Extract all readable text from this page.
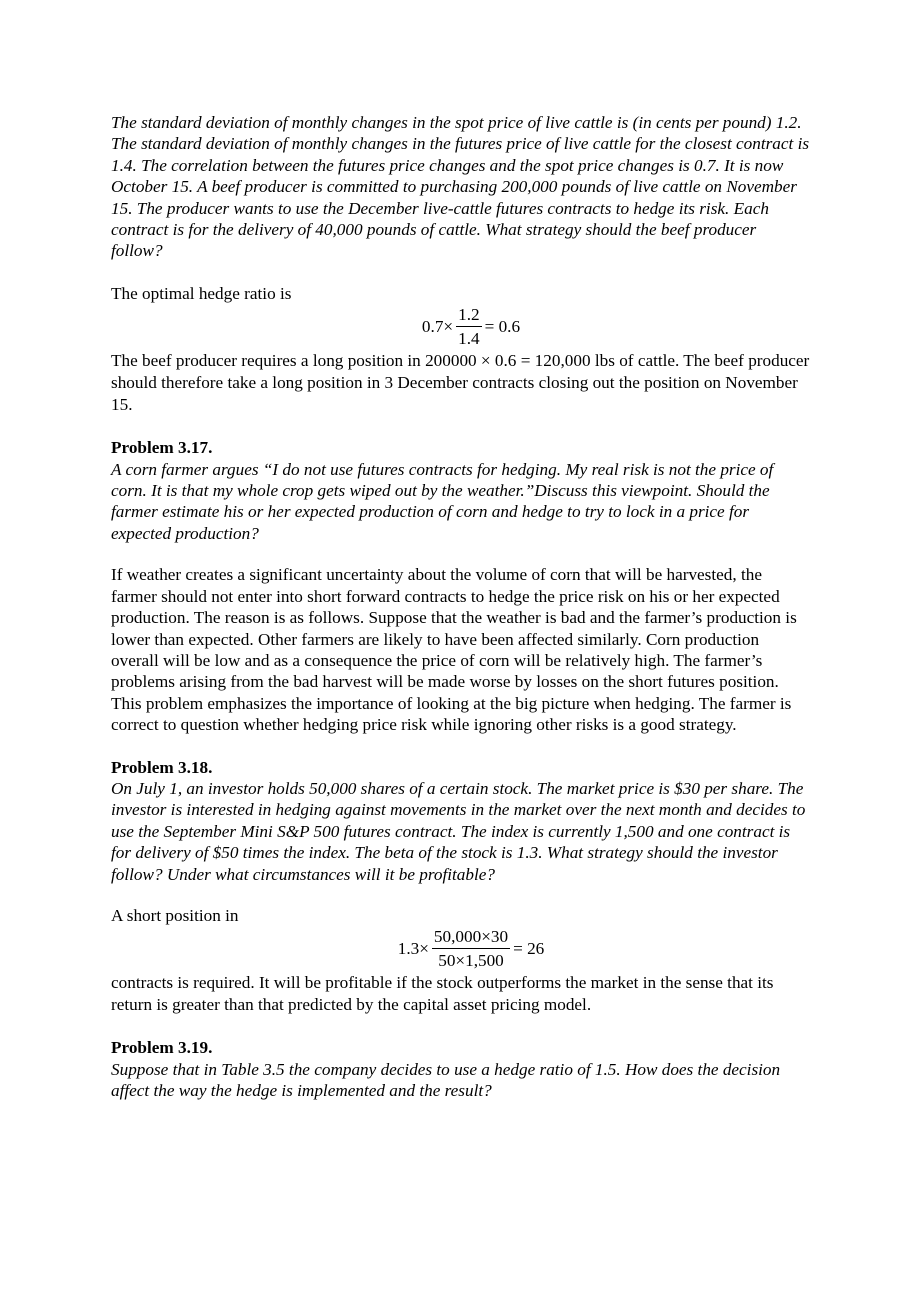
The standard deviation of monthly changes in the spot price of live cattle is (in cents per pound) 1.2. The standard deviation of monthly changes in the futures price of live cattle for the closest contract is 1.4. The correlation between the futures price changes and the spot price changes is 0.7. It is now October 15. A beef producer is committed to purchasing 200,000 pounds of live cattle on November 15. The producer wants to use the December live-cattle futures contracts to hedge its risk. Each contract is for the delivery of 40,000 pounds of cattle. What strategy should the beef producer follow?

The optimal hedge ratio is

$0.7\times \frac{1.2}{1.4} = 0.6$

The beef producer requires a long position in 200000 × 0.6 = 120,000 lbs of cattle. The beef producer should therefore take a long position in 3 December contracts closing out the position on November 15.

Problem 3.17.

A corn farmer argues “I do not use futures contracts for hedging. My real risk is not the price of corn. It is that my whole crop gets wiped out by the weather.”Discuss this viewpoint. Should the farmer estimate his or her expected production of corn and hedge to try to lock in a price for expected production?

If weather creates a significant uncertainty about the volume of corn that will be harvested, the farmer should not enter into short forward contracts to hedge the price risk on his or her expected production. The reason is as follows. Suppose that the weather is bad and the farmer’s production is lower than expected. Other farmers are likely to have been affected similarly. Corn production overall will be low and as a consequence the price of corn will be relatively high. The farmer’s problems arising from the bad harvest will be made worse by losses on the short futures position. This problem emphasizes the importance of looking at the big picture when hedging. The farmer is correct to question whether hedging price risk while ignoring other risks is a good strategy.

Problem 3.18.

On July 1, an investor holds 50,000 shares of a certain stock. The market price is $30 per share. The investor is interested in hedging against movements in the market over the next month and decides to use the September Mini S&P 500 futures contract. The index is currently 1,500 and one contract is for delivery of $50 times the index. The beta of the stock is 1.3. What strategy should the investor follow? Under what circumstances will it be profitable?

A short position in

$1.3\times \frac{50,000\times 30}{50\times 1,500} = 26$

contracts is required. It will be profitable if the stock outperforms the market in the sense that its return is greater than that predicted by the capital asset pricing model.

Problem 3.19.

Suppose that in Table 3.5 the company decides to use a hedge ratio of 1.5. How does the decision affect the way the hedge is implemented and the result?
